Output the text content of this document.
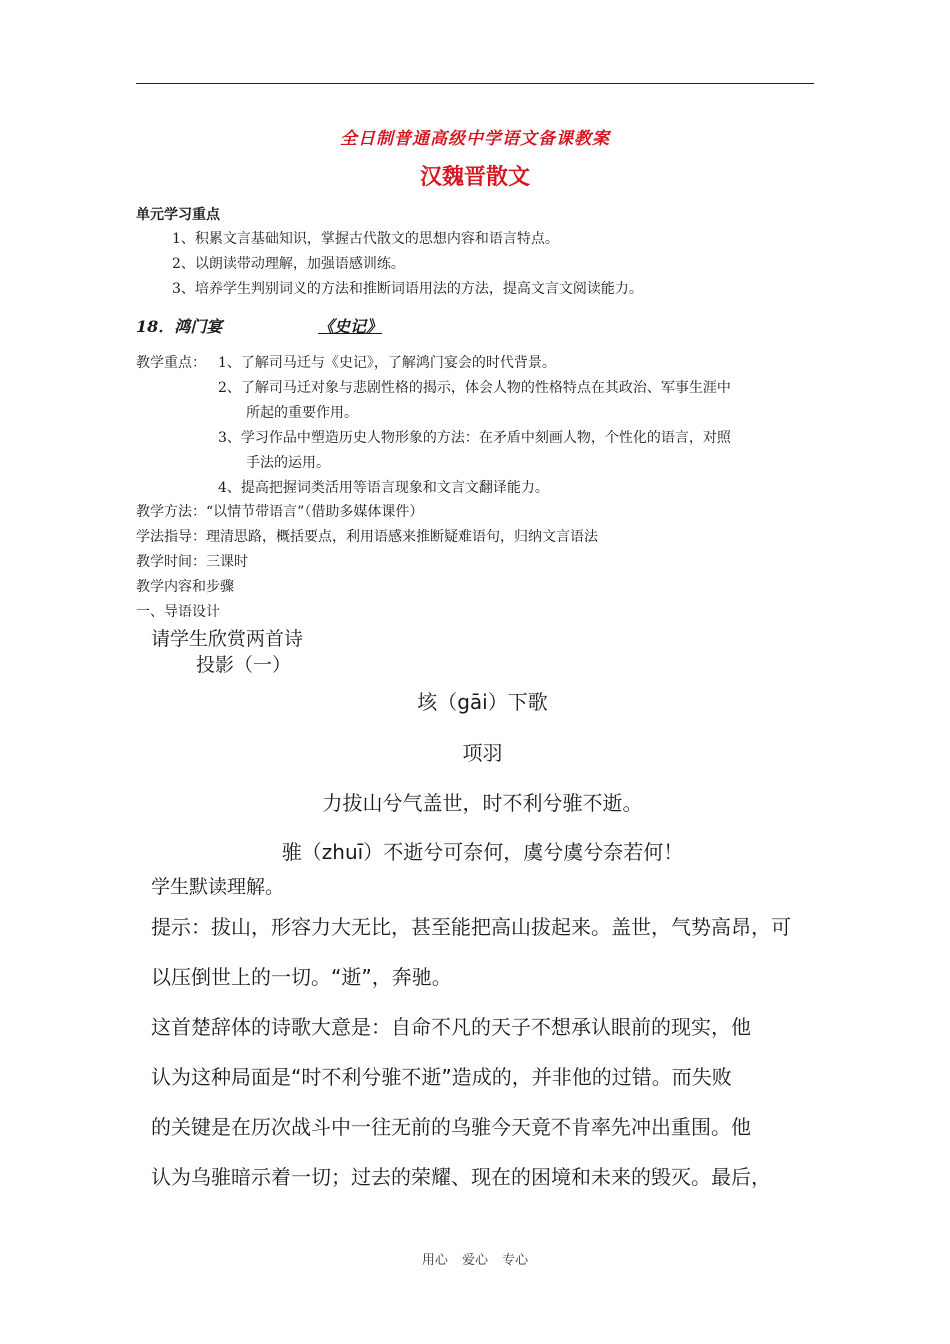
全日制普通高级中学语文备课教案
汉魏晋散文
单元学习重点
1、积累文言基础知识，掌握古代散文的思想内容和语言特点。
2、以朗读带动理解，加强语感训练。
3、培养学生判别词义的方法和推断词语用法的方法，提高文言文阅读能力。
18．鸿门宴	《史记》
教学重点： 1、了解司马迁与《史记》，了解鸿门宴会的时代背景。
2、了解司马迁对象与悲剧性格的揭示，体会人物的性格特点在其政治、军事生涯中
所起的重要作用。
3、学习作品中塑造历史人物形象的方法：在矛盾中刻画人物，个性化的语言，对照
手法的运用。
4、提高把握词类活用等语言现象和文言文翻译能力。
教学方法：“以情节带语言”（借助多媒体课件）
学法指导：理清思路，概括要点，利用语感来推断疑难语句，归纳文言语法
教学时间：三课时
教学内容和步骤
一、导语设计
请学生欣赏两首诗
投影（一）
垓（gāi）下歌
项羽
力拔山兮气盖世，时不利兮骓不逝。
骓（zhuī）不逝兮可奈何，虞兮虞兮奈若何！
学生默读理解。
提示：拔山，形容力大无比，甚至能把高山拔起来。盖世，气势高昂，可
以压倒世上的一切。“逝”，奔驰。
这首楚辞体的诗歌大意是：自命不凡的天子不想承认眼前的现实，他
认为这种局面是“时不利兮骓不逝”造成的，并非他的过错。而失败
的关键是在历次战斗中一往无前的乌骓今天竟不肯率先冲出重围。他
认为乌骓暗示着一切；过去的荣耀、现在的困境和未来的毁灭。最后，
用心 爱心 专心
